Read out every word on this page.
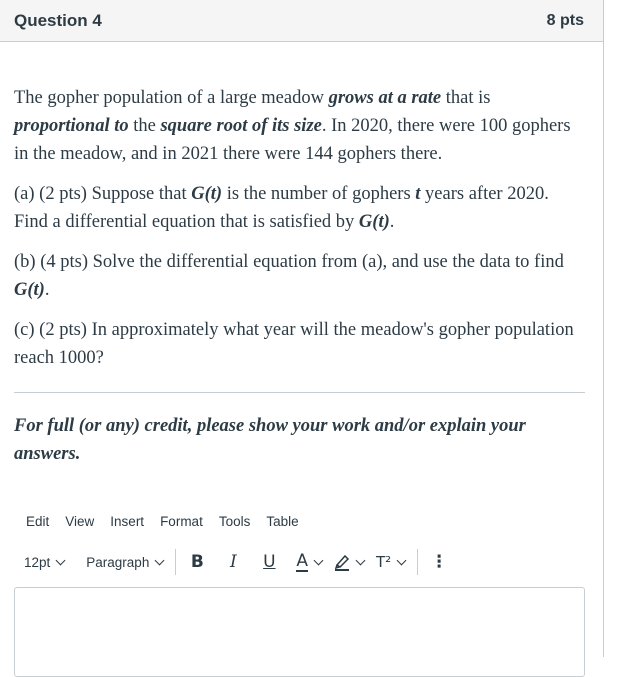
Question 4	8 pts

The gopher population of a large meadow grows at a rate that is proportional to the square root of its size. In 2020, there were 100 gophers in the meadow, and in 2021 there were 144 gophers there.

(a) (2 pts) Suppose that G(t) is the number of gophers t years after 2020. Find a differential equation that is satisfied by G(t).

(b) (4 pts) Solve the differential equation from (a), and use the data to find G(t).

(c) (2 pts) In approximately what year will the meadow's gopher population reach 1000?

For full (or any) credit, please show your work and/or explain your answers.
Edit View Insert Format Tools Table
12pt	Paragraph	B	I	U	A	T² ⋮
